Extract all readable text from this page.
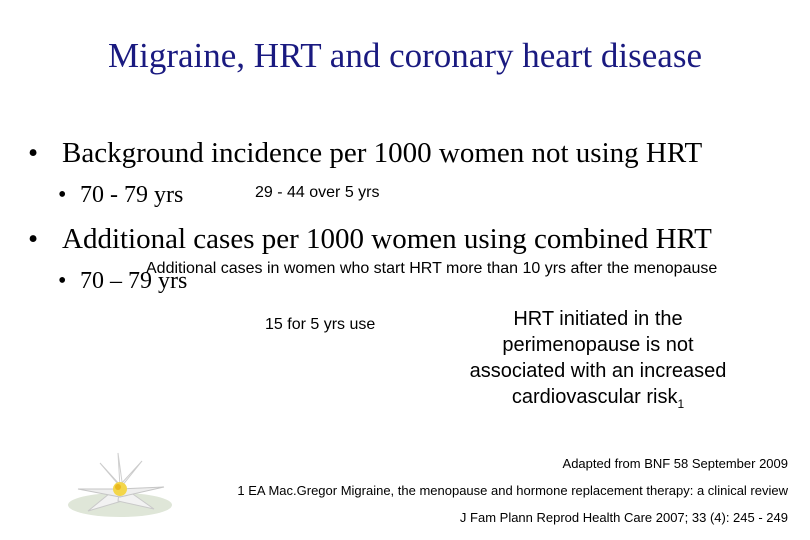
Migraine, HRT and coronary heart disease
• Background incidence per 1000 women not using HRT
• 70 - 79 yrs	29 - 44 over 5 yrs
• Additional cases per 1000 women using combined HRT
• 70 – 79 yrs
Additional cases in women who start HRT more than 10 yrs after the menopause
15 for 5 yrs use	HRT initiated in the perimenopause is not associated with an increased cardiovascular risk$_1$
Adapted from BNF 58 September 2009
1 EA Mac.Gregor Migraine, the menopause and hormone replacement therapy: a clinical review
J Fam Plann Reprod Health Care 2007; 33 (4): 245 - 249
